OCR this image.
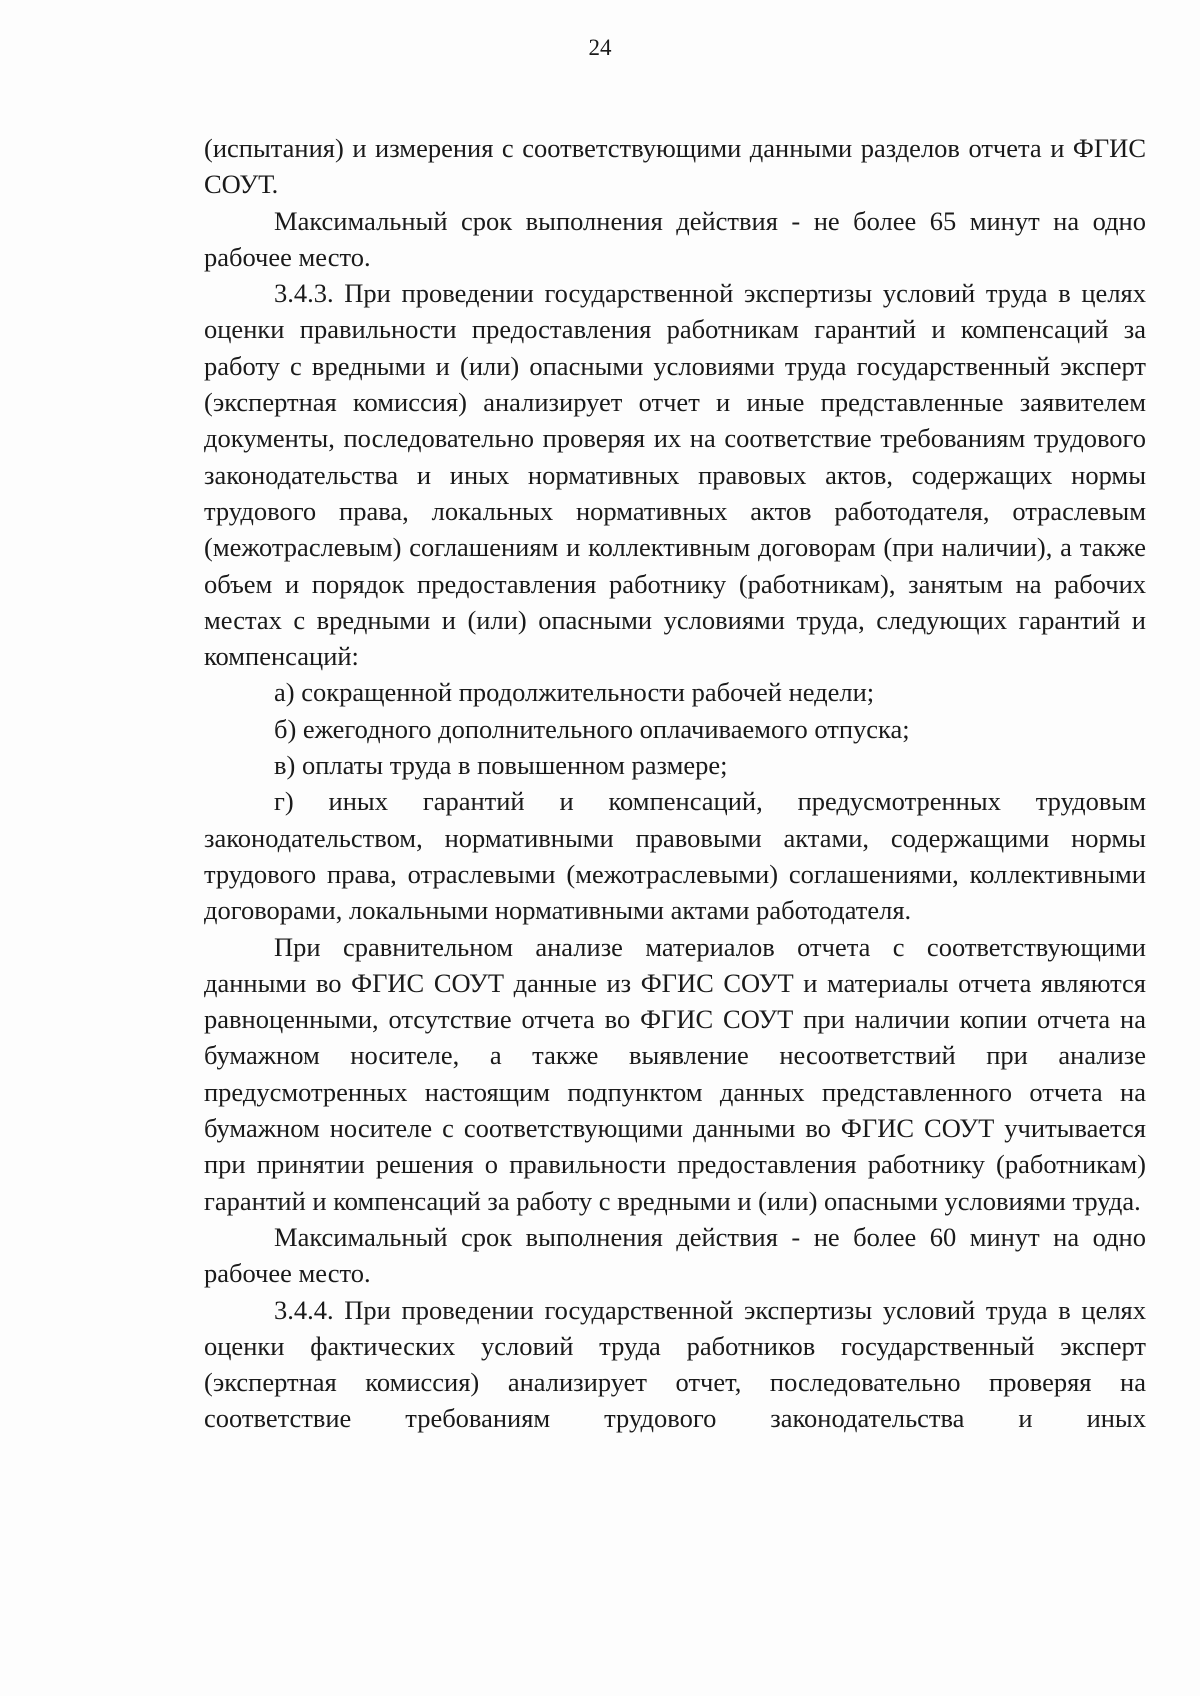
24

(испытания) и измерения с соответствующими данными разделов отчета и ФГИС СОУТ.

Максимальный срок выполнения действия - не более 65 минут на одно рабочее место.

3.4.3. При проведении государственной экспертизы условий труда в целях оценки правильности предоставления работникам гарантий и компенсаций за работу с вредными и (или) опасными условиями труда государственный эксперт (экспертная комиссия) анализирует отчет и иные представленные заявителем документы, последовательно проверяя их на соответствие требованиям трудового законодательства и иных нормативных правовых актов, содержащих нормы трудового права, локальных нормативных актов работодателя, отраслевым (межотраслевым) соглашениям и коллективным договорам (при наличии), а также объем и порядок предоставления работнику (работникам), занятым на рабочих местах с вредными и (или) опасными условиями труда, следующих гарантий и компенсаций:

а) сокращенной продолжительности рабочей недели;

б) ежегодного дополнительного оплачиваемого отпуска;

в) оплаты труда в повышенном размере;

г) иных гарантий и компенсаций, предусмотренных трудовым законодательством, нормативными правовыми актами, содержащими нормы трудового права, отраслевыми (межотраслевыми) соглашениями, коллективными договорами, локальными нормативными актами работодателя.

При сравнительном анализе материалов отчета с соответствующими данными во ФГИС СОУТ данные из ФГИС СОУТ и материалы отчета являются равноценными, отсутствие отчета во ФГИС СОУТ при наличии копии отчета на бумажном носителе, а также выявление несоответствий при анализе предусмотренных настоящим подпунктом данных представленного отчета на бумажном носителе с соответствующими данными во ФГИС СОУТ учитывается при принятии решения о правильности предоставления работнику (работникам) гарантий и компенсаций за работу с вредными и (или) опасными условиями труда.

Максимальный срок выполнения действия - не более 60 минут на одно рабочее место.

3.4.4. При проведении государственной экспертизы условий труда в целях оценки фактических условий труда работников государственный эксперт (экспертная комиссия) анализирует отчет, последовательно проверяя на соответствие требованиям трудового законодательства и иных
